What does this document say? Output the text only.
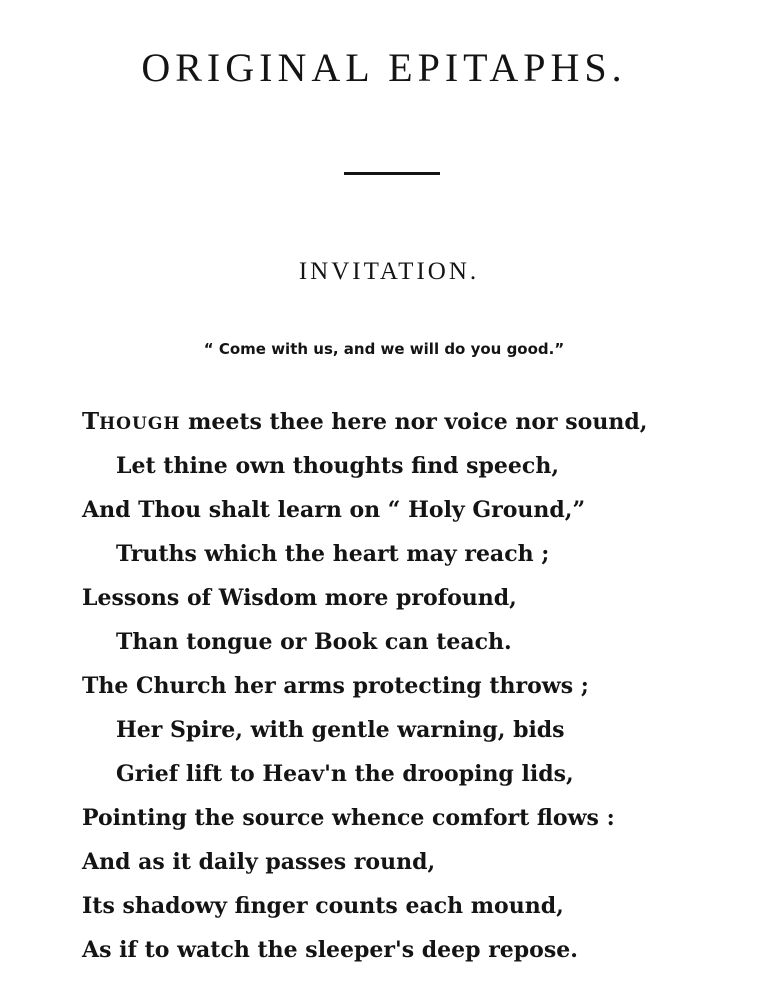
ORIGINAL EPITAPHS.
INVITATION.
“ Come with us, and we will do you good.”
THOUGH meets thee here nor voice nor sound,
Let thine own thoughts find speech,
And Thou shalt learn on “ Holy Ground,”
Truths which the heart may reach ;
Lessons of Wisdom more profound,
Than tongue or Book can teach.
The Church her arms protecting throws ;
Her Spire, with gentle warning, bids
Grief lift to Heav'n the drooping lids,
Pointing the source whence comfort flows :
And as it daily passes round,
Its shadowy finger counts each mound,
As if to watch the sleeper's deep repose.
